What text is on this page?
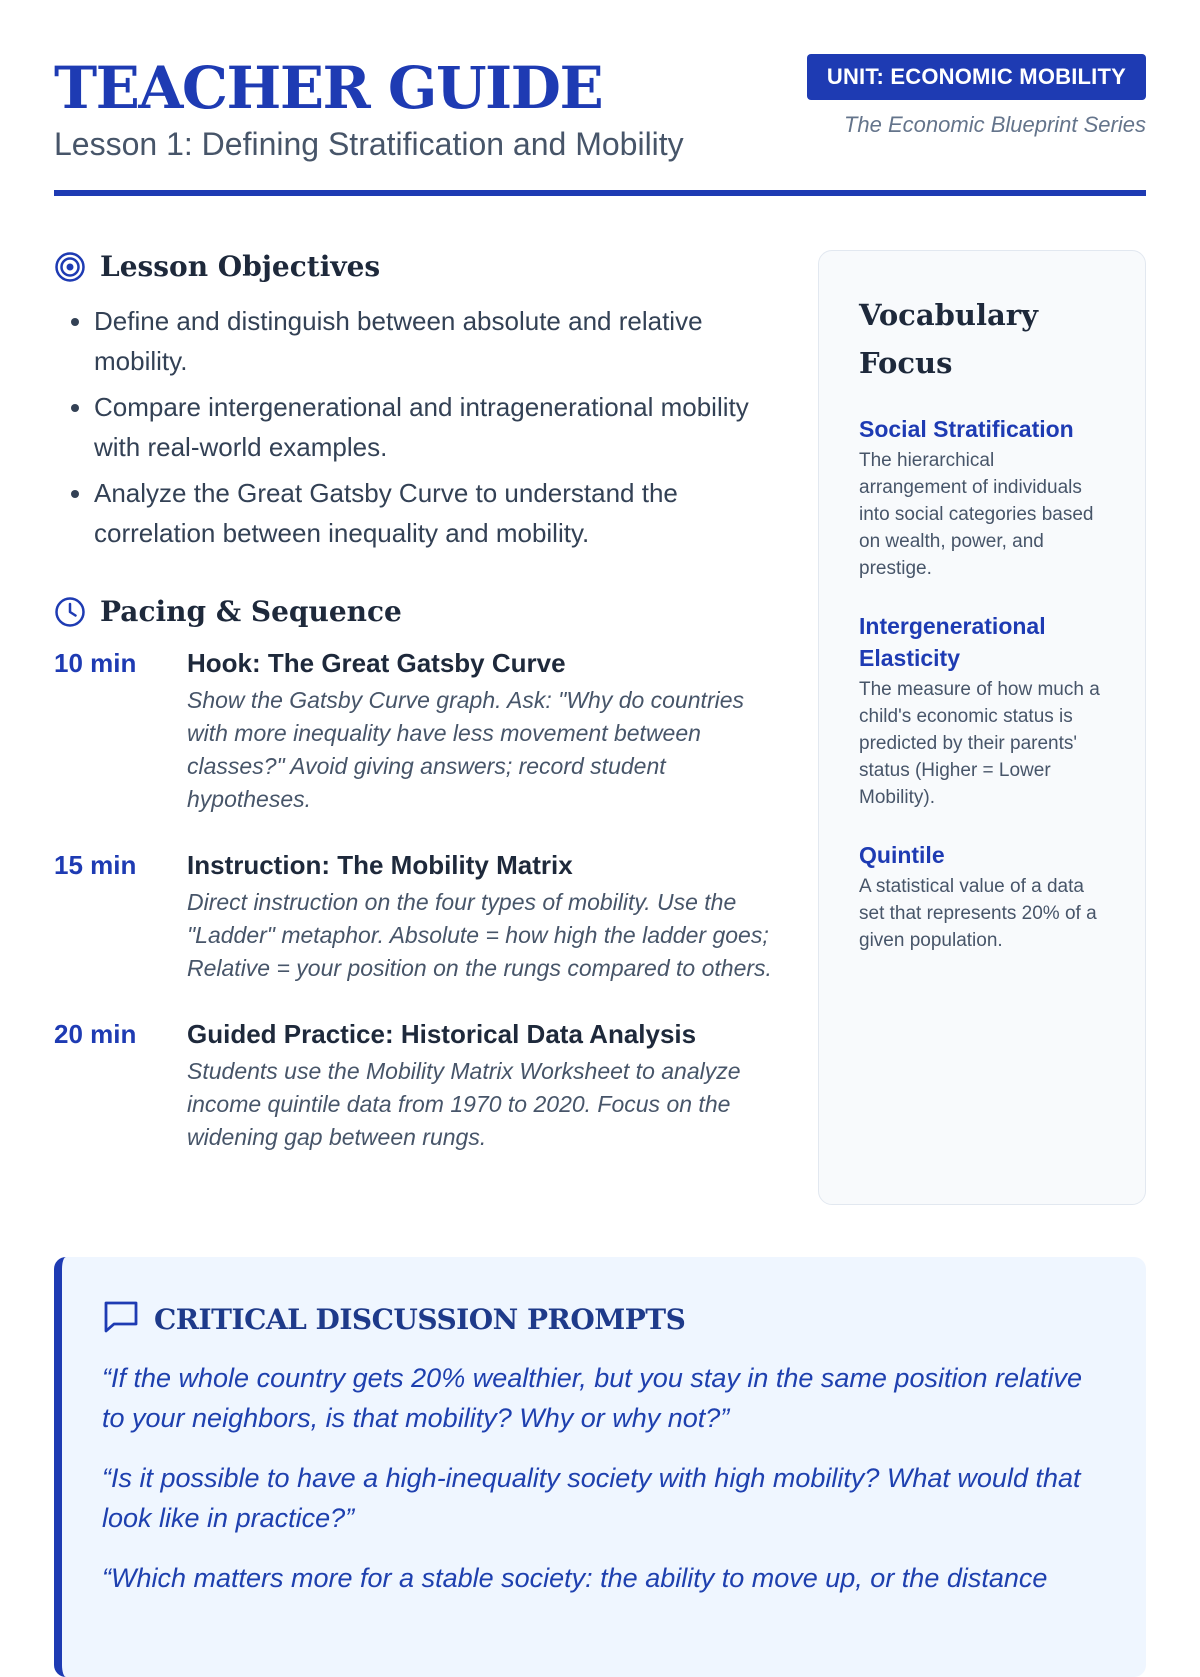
TEACHER GUIDE
Lesson 1: Defining Stratification and Mobility
UNIT: ECONOMIC MOBILITY
The Economic Blueprint Series
Lesson Objectives
• Define and distinguish between absolute and relative mobility.
• Compare intergenerational and intragenerational mobility with real-world examples.
• Analyze the Great Gatsby Curve to understand the correlation between inequality and mobility.
Pacing & Sequence
10 min	Hook: The Great Gatsby Curve
Show the Gatsby Curve graph. Ask: "Why do countries with more inequality have less movement between classes?" Avoid giving answers; record student hypotheses.
15 min	Instruction: The Mobility Matrix
Direct instruction on the four types of mobility. Use the "Ladder" metaphor. Absolute = how high the ladder goes; Relative = your position on the rungs compared to others.
20 min	Guided Practice: Historical Data Analysis
Students use the Mobility Matrix Worksheet to analyze income quintile data from 1970 to 2020. Focus on the widening gap between rungs.
Vocabulary Focus
Social Stratification
The hierarchical arrangement of individuals into social categories based on wealth, power, and prestige.
Intergenerational Elasticity
The measure of how much a child's economic status is predicted by their parents' status (Higher = Lower Mobility).
Quintile
A statistical value of a data set that represents 20% of a given population.
CRITICAL DISCUSSION PROMPTS
“If the whole country gets 20% wealthier, but you stay in the same position relative to your neighbors, is that mobility? Why or why not?”
“Is it possible to have a high-inequality society with high mobility? What would that look like in practice?”
“Which matters more for a stable society: the ability to move up, or the distance
